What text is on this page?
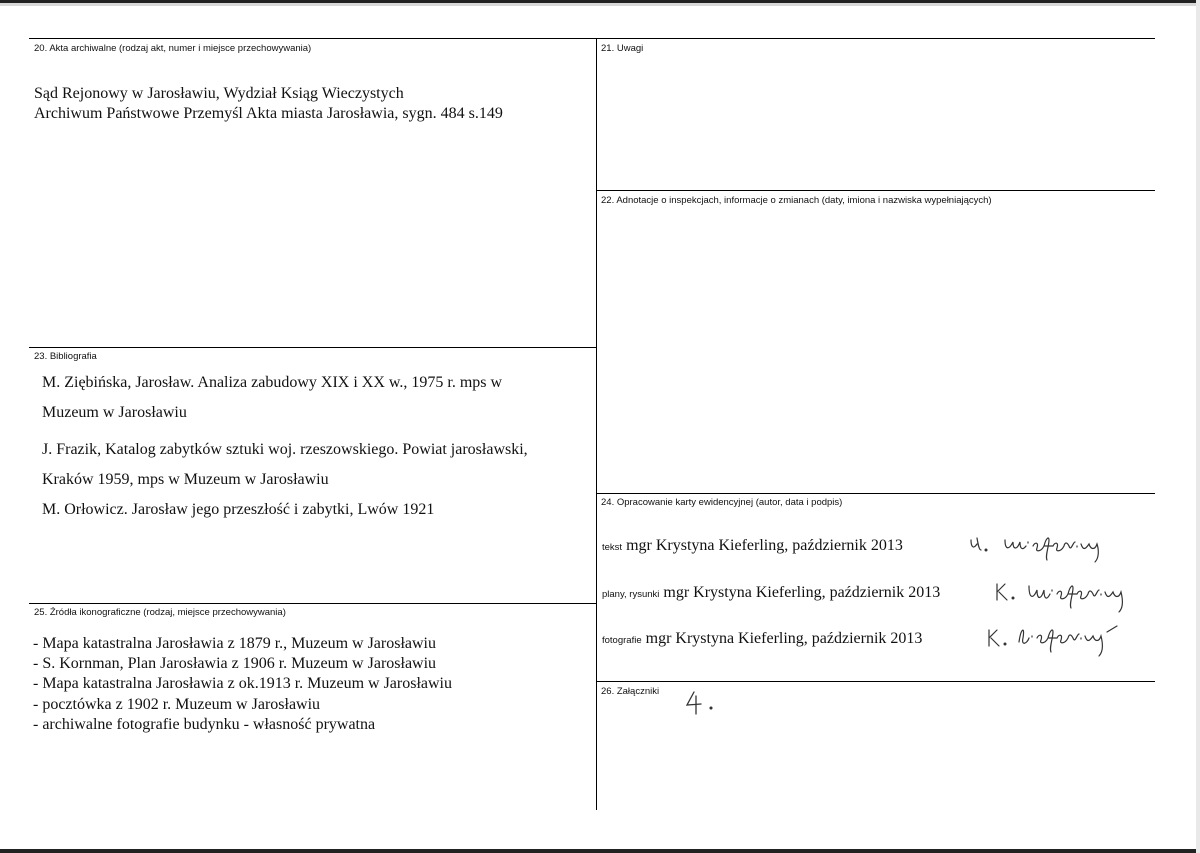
20. Akta archiwalne (rodzaj akt, numer i miejsce przechowywania)
Sąd Rejonowy w Jarosławiu, Wydział Ksiąg Wieczystych
Archiwum Państwowe Przemyśl Akta miasta Jarosławia, sygn. 484 s.149
21. Uwagi
22. Adnotacje o inspekcjach, informacje o zmianach (daty, imiona i nazwiska wypełniających)
23. Bibliografia
M. Ziębińska, Jarosław. Analiza zabudowy XIX i XX w., 1975 r. mps w
Muzeum w Jarosławiu
J. Frazik, Katalog zabytków sztuki woj. rzeszowskiego. Powiat jarosławski,
Kraków 1959, mps w Muzeum w Jarosławiu
M. Orłowicz. Jarosław jego przeszłość i zabytki, Lwów 1921	24. Opracowanie karty ewidencyjnej (autor, data i podpis)
tekst mgr Krystyna Kieferling, październik 2013
plany, rysunki mgr Krystyna Kieferling, październik 2013
fotografie mgr Krystyna Kieferling, październik 2013
25. Źródła ikonograficzne (rodzaj, miejsce przechowywania)
- Mapa katastralna Jarosławia z 1879 r., Muzeum w Jarosławiu
- S. Kornman, Plan Jarosławia z 1906 r. Muzeum w Jarosławiu
- Mapa katastralna Jarosławia z ok.1913 r. Muzeum w Jarosławiu
- pocztówka z 1902 r. Muzeum w Jarosławiu
- archiwalne fotografie budynku - własność prywatna
26. Załączniki
